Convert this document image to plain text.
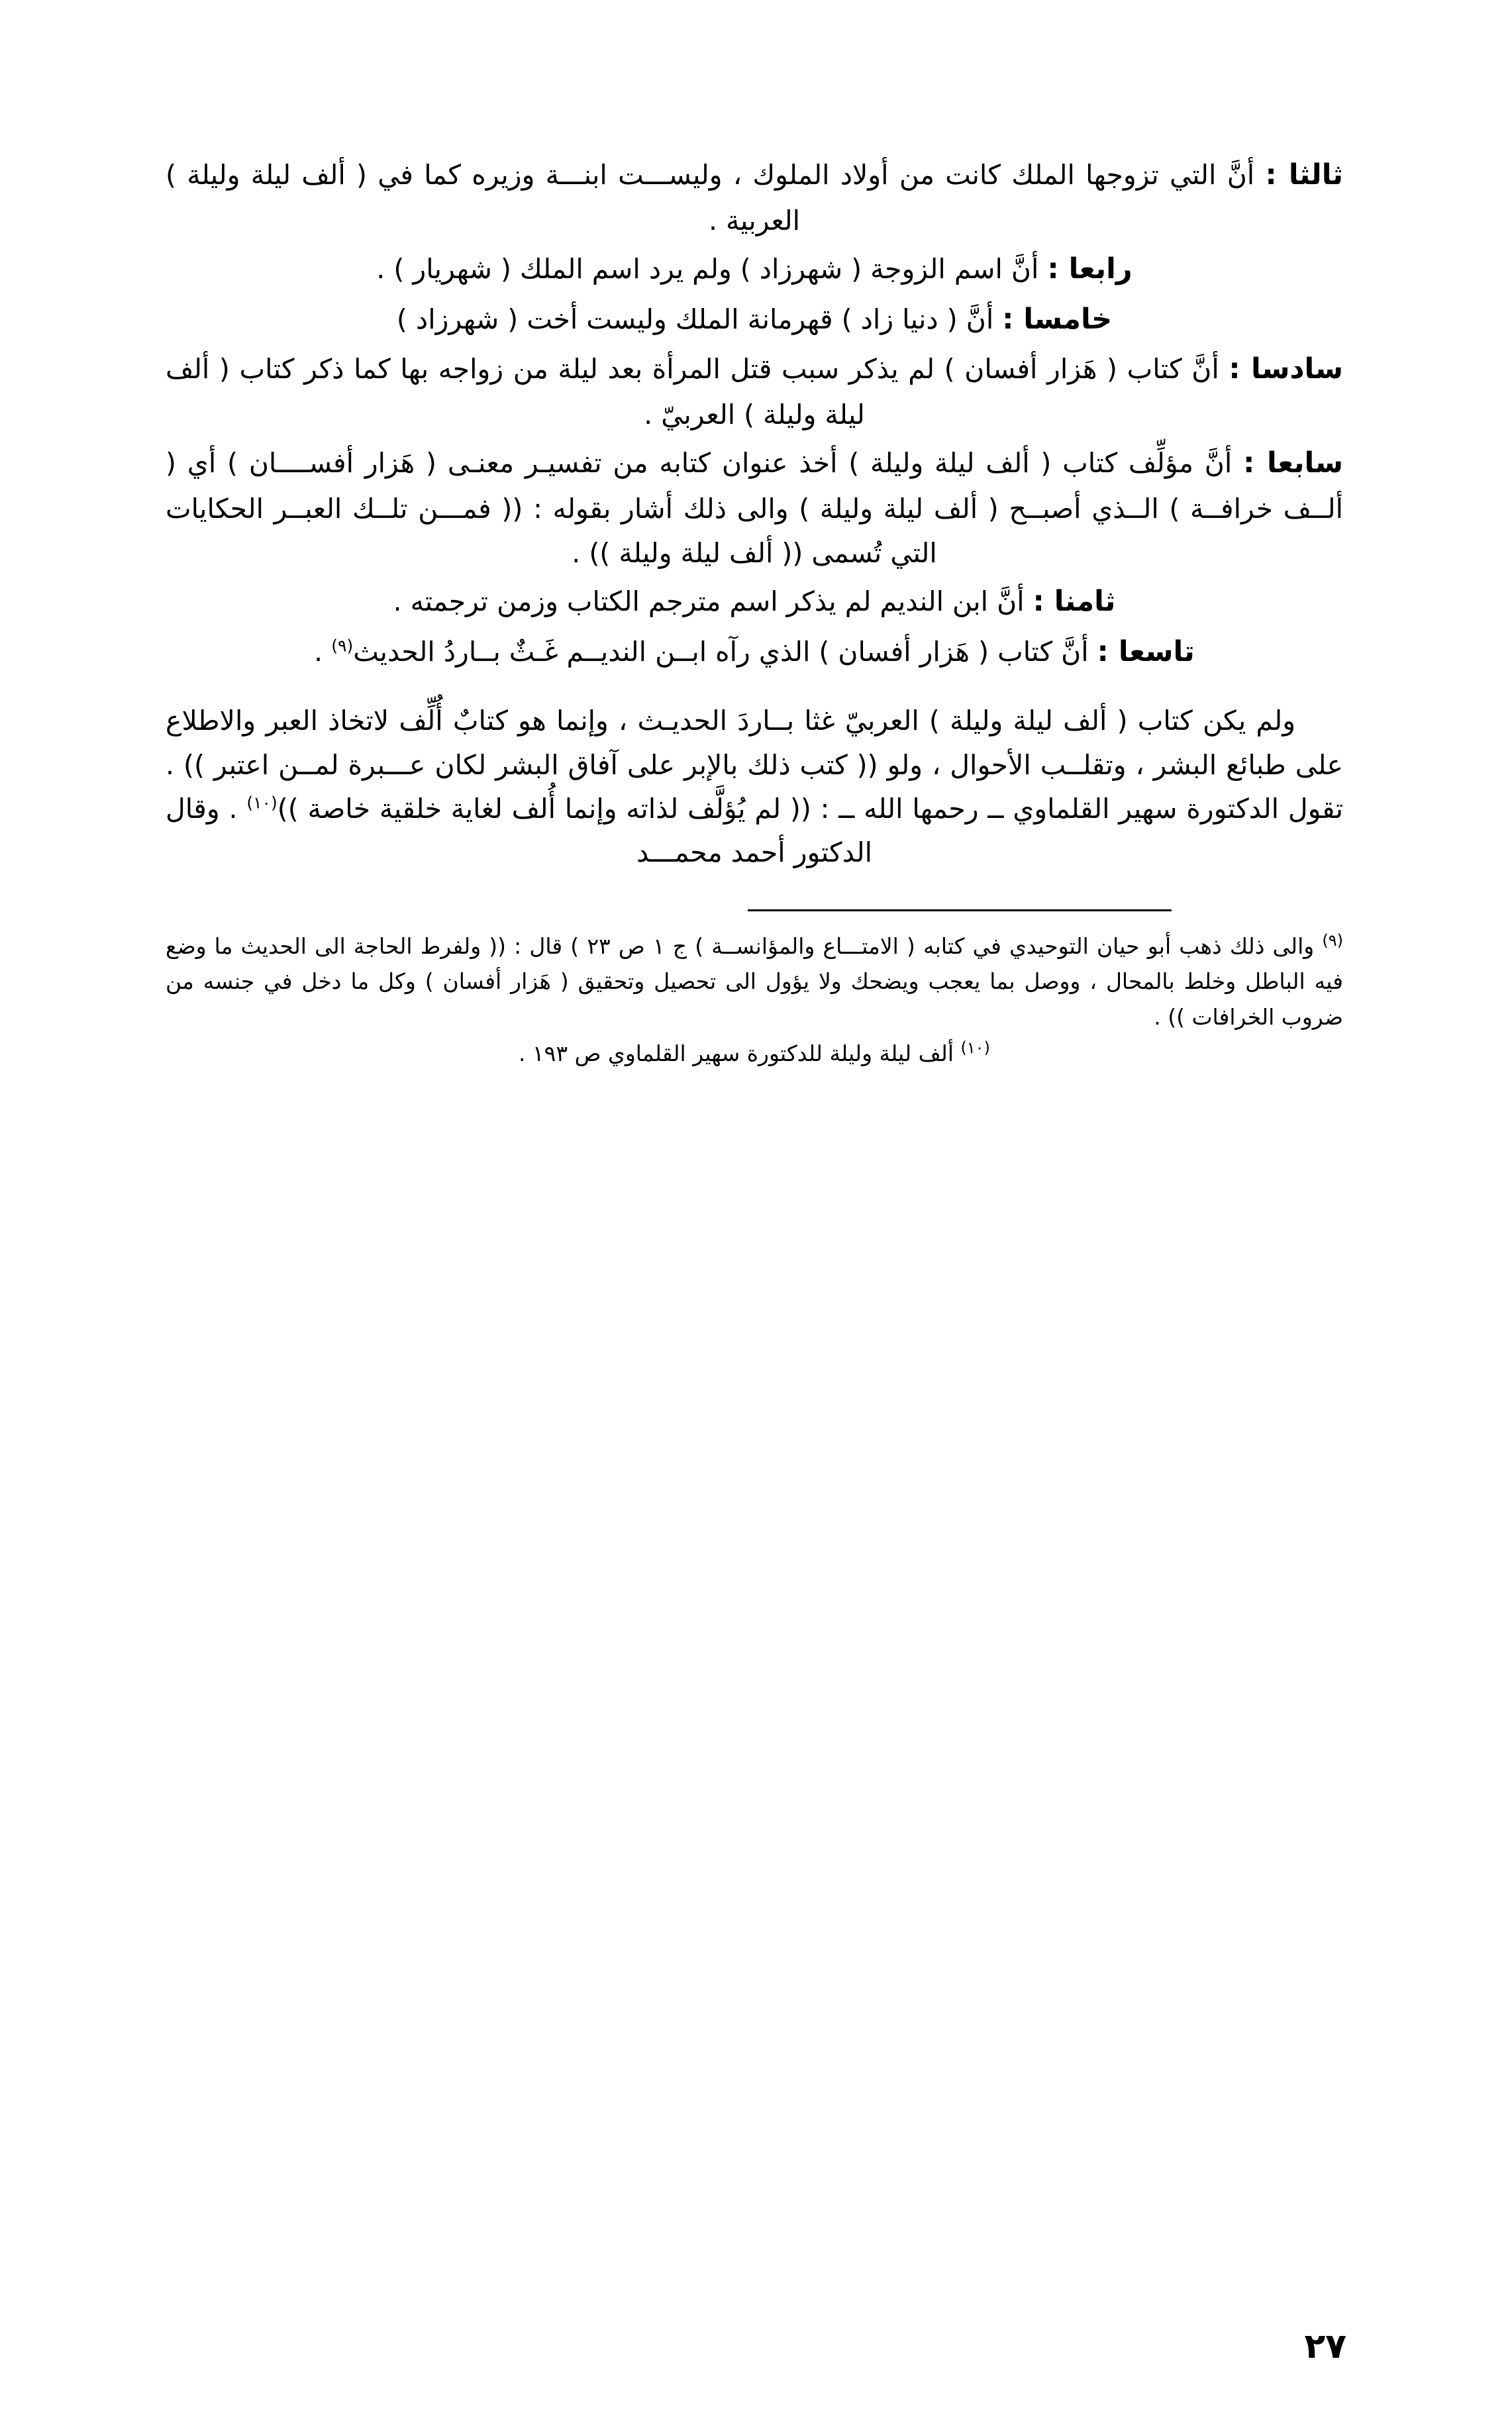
ثالثا : أنَّ التي تزوجها الملك كانت من أولاد الملوك ، وليســـت ابنـــة وزيره كما في ( ألف ليلة وليلة ) العربية .

رابعا : أنَّ اسم الزوجة ( شهرزاد ) ولم يرد اسم الملك ( شهريار ) .

خامسا : أنَّ ( دنيا زاد ) قهرمانة الملك وليست أخت ( شهرزاد )

سادسا : أنَّ كتاب ( هَزار أفسان ) لم يذكر سبب قتل المرأة بعد ليلة من زواجه بها كما ذكر كتاب ( ألف ليلة وليلة ) العربيّ .

سابعا : أنَّ مؤلِّف كتاب ( ألف ليلة وليلة ) أخذ عنوان كتابه من تفسيـر معنـى ( هَزار أفســــان ) أي ( ألــف خرافــة ) الــذي أصبــح ( ألف ليلة وليلة ) والى ذلك أشار بقوله : (( فمـــن تلــك العبــر الحكايات التي تُسمى (( ألف ليلة وليلة )) .

ثامنا : أنَّ ابن النديم لم يذكر اسم مترجم الكتاب وزمن ترجمته .

تاسعا : أنَّ كتاب ( هَزار أفسان ) الذي رآه ابــن النديــم غَـثٌ بــاردُ الحديث$^{(٩)}$ .

ولم يكن كتاب ( ألف ليلة وليلة ) العربيّ غثا بــاردَ الحديـث ، وإنما هو كتابٌ أُلِّف لاتخاذ العبر والاطلاع على طبائع البشر ، وتقلــب الأحوال ، ولو (( كتب ذلك بالإبر على آفاق البشر لكان عـــبرة لمــن اعتبر )) . تقول الدكتورة سهير القلماوي ــ رحمها الله ــ : (( لم يُؤلَّف لذاته وإنما أُلف لغاية خلقية خاصة ))$^{(١٠)}$ . وقال الدكتور أحمد محمـــد

$^{(٩)}$ والى ذلك ذهب أبو حيان التوحيدي في كتابه ( الامتـــاع والمؤانســة ) ج ١ ص ٢٣ ) قال : (( ولفرط الحاجة الى الحديث ما وضع فيه الباطل وخلط بالمحال ، ووصل بما يعجب ويضحك ولا يؤول الى تحصيل وتحقيق ( هَزار أفسان ) وكل ما دخل في جنسه من ضروب الخرافات )) .

$^{(١٠)}$ ألف ليلة وليلة للدكتورة سهير القلماوي ص ١٩٣ .

٢٧
